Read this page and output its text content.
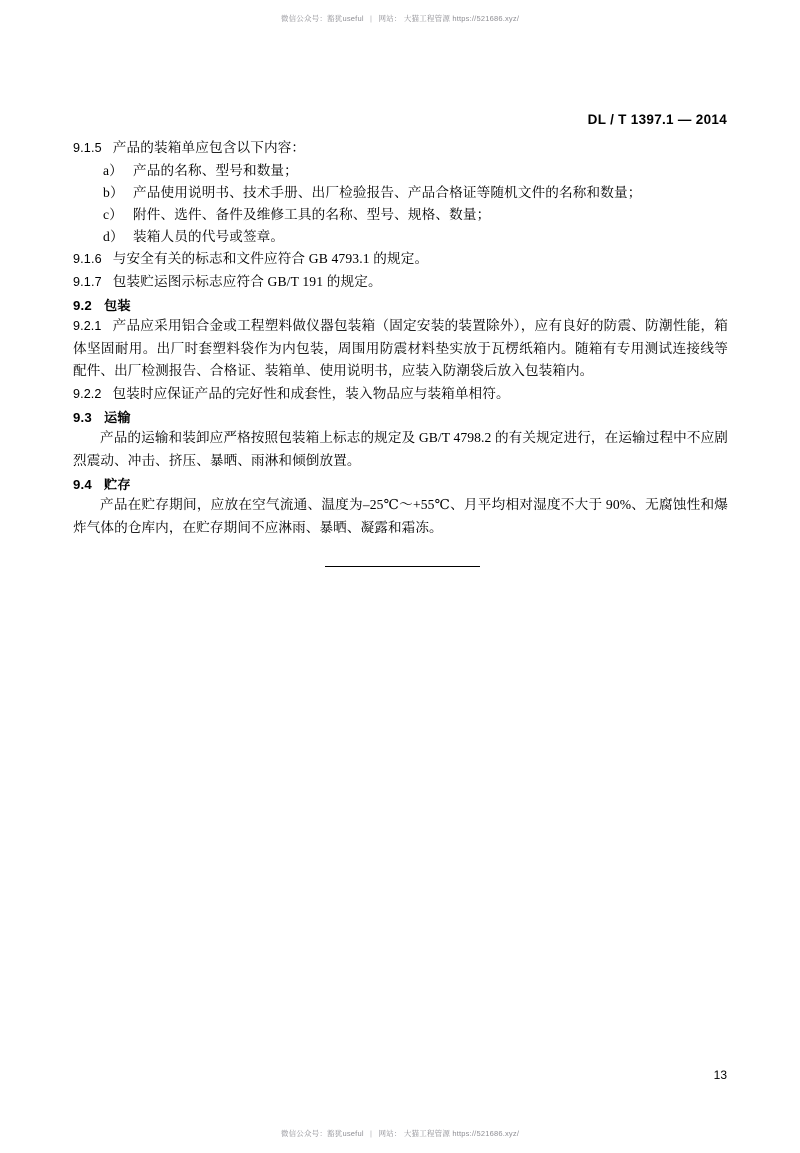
微信公众号：豁犹useful | 网站： 大猫工程管源 https://521686.xyz/
DL / T 1397.1 — 2014

9.1.5 产品的装箱单应包含以下内容：

a） 产品的名称、型号和数量；
b） 产品使用说明书、技术手册、出厂检验报告、产品合格证等随机文件的名称和数量；
c） 附件、选件、备件及维修工具的名称、型号、规格、数量；
d） 装箱人员的代号或签章。

9.1.6 与安全有关的标志和文件应符合 GB 4793.1 的规定。

9.1.7 包装贮运图示标志应符合 GB/T 191 的规定。

9.2 包装

9.2.1 产品应采用铝合金或工程塑料做仪器包装箱（固定安装的装置除外），应有良好的防震、防潮性能，箱体坚固耐用。出厂时套塑料袋作为内包装，周围用防震材料垫实放于瓦楞纸箱内。随箱有专用测试连接线等配件、出厂检测报告、合格证、装箱单、使用说明书，应装入防潮袋后放入包装箱内。

9.2.2 包装时应保证产品的完好性和成套性，装入物品应与装箱单相符。

9.3 运输

产品的运输和装卸应严格按照包装箱上标志的规定及 GB/T 4798.2 的有关规定进行，在运输过程中不应剧烈震动、冲击、挤压、暴晒、雨淋和倾倒放置。

9.4 贮存

产品在贮存期间，应放在空气流通、温度为–25℃～+55℃、月平均相对湿度不大于 90%、无腐蚀性和爆炸气体的仓库内，在贮存期间不应淋雨、暴晒、凝露和霜冻。

13
微信公众号：豁犹useful | 网站： 大猫工程管源 https://521686.xyz/
